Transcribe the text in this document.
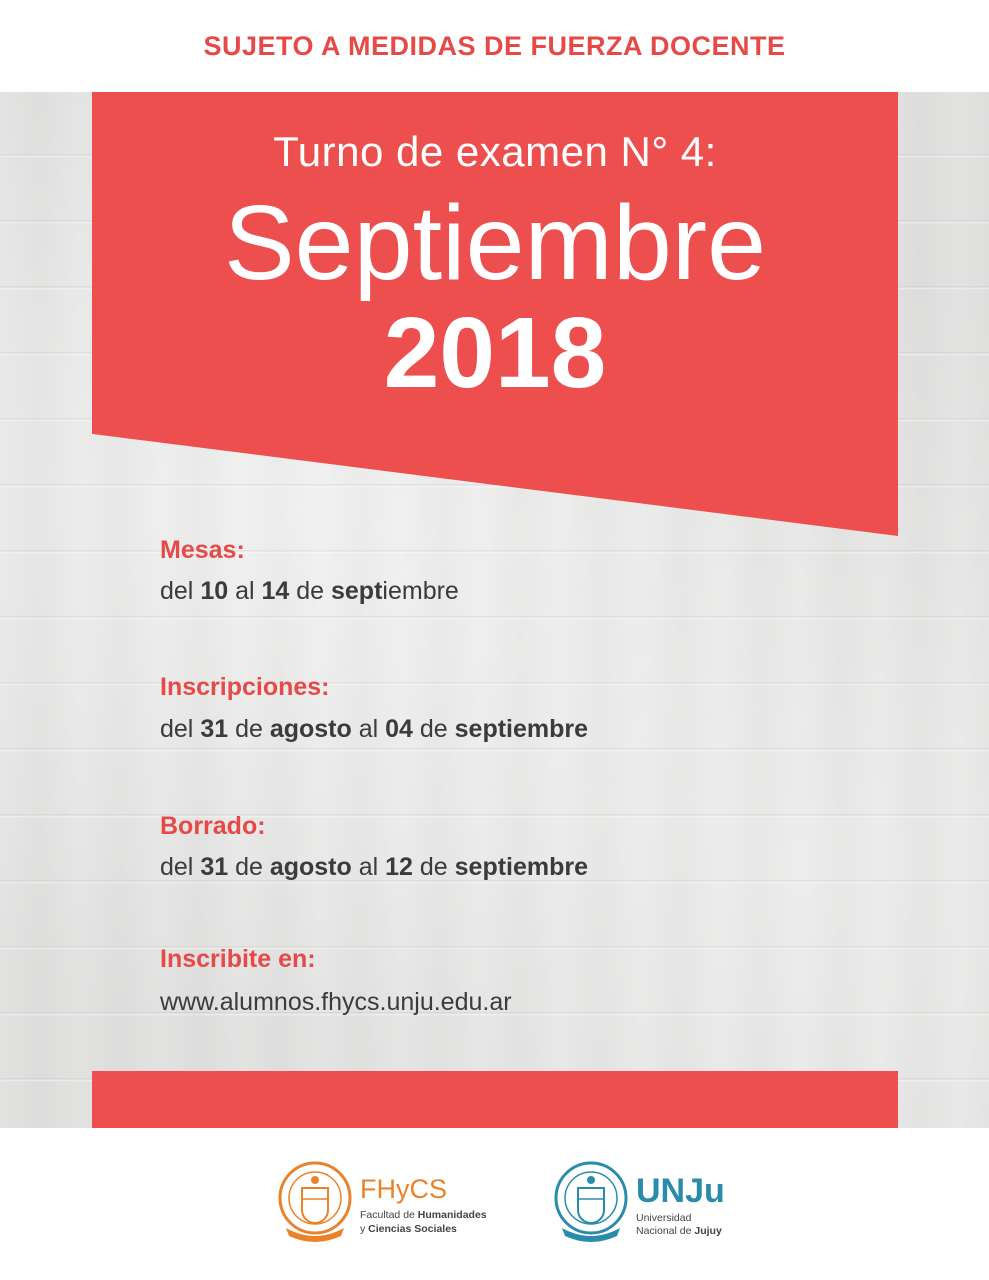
SUJETO A MEDIDAS DE FUERZA DOCENTE
Turno de examen N° 4:
Septiembre
2018
Mesas:
del 10 al 14 de septiembre
Inscripciones:
del 31 de agosto al 04 de septiembre
Borrado:
del 31 de agosto al 12 de septiembre
Inscribite en:
www.alumnos.fhycs.unju.edu.ar
FHyCS
Facultad de Humanidades
y Ciencias Sociales
UNJu
Universidad
Nacional de Jujuy
